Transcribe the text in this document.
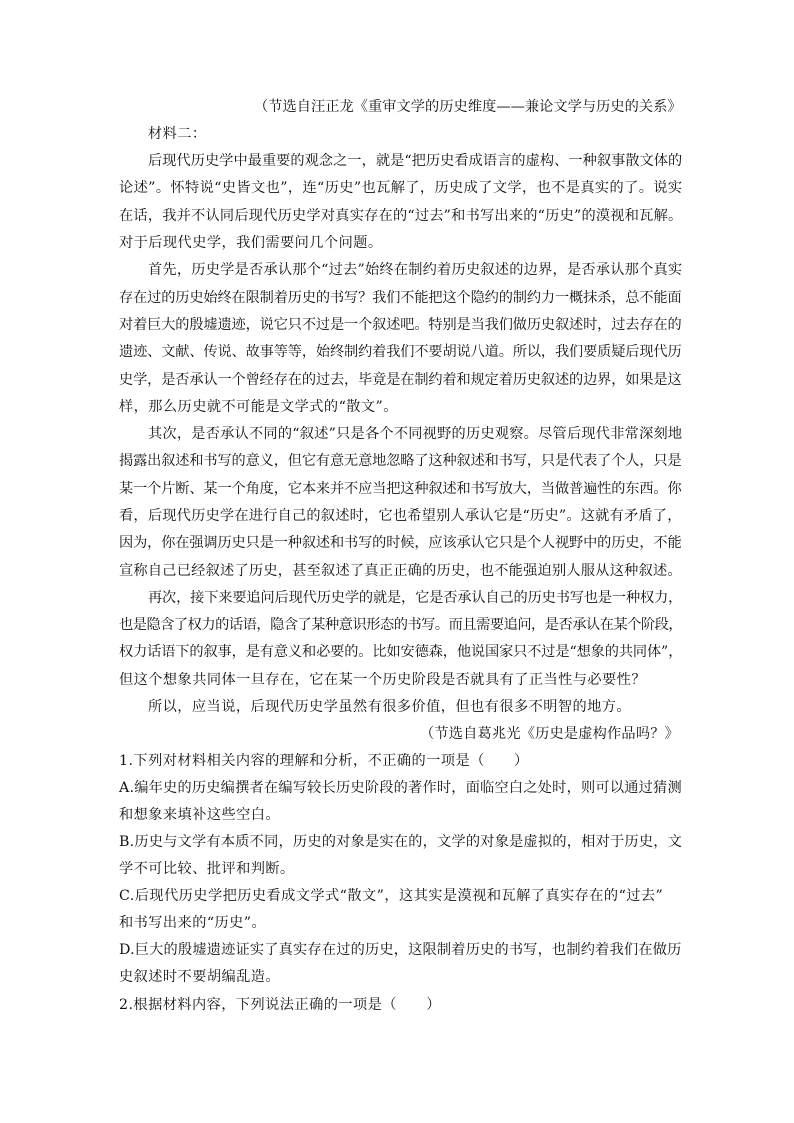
（节选自汪正龙《重审文学的历史维度——兼论文学与历史的关系》
材料二：
后现代历史学中最重要的观念之一，就是“把历史看成语言的虚构、一种叙事散文体的
论述”。怀特说“史皆文也”，连“历史”也瓦解了，历史成了文学，也不是真实的了。说实
在话，我并不认同后现代历史学对真实存在的“过去”和书写出来的“历史”的漠视和瓦解。
对于后现代史学，我们需要问几个问题。
首先，历史学是否承认那个“过去”始终在制约着历史叙述的边界，是否承认那个真实
存在过的历史始终在限制着历史的书写？我们不能把这个隐约的制约力一概抹杀，总不能面
对着巨大的殷墟遗迹，说它只不过是一个叙述吧。特别是当我们做历史叙述时，过去存在的
遗迹、文献、传说、故事等等，始终制约着我们不要胡说八道。所以，我们要质疑后现代历
史学，是否承认一个曾经存在的过去，毕竟是在制约着和规定着历史叙述的边界，如果是这
样，那么历史就不可能是文学式的“散文”。
其次，是否承认不同的“叙述”只是各个不同视野的历史观察。尽管后现代非常深刻地
揭露出叙述和书写的意义，但它有意无意地忽略了这种叙述和书写，只是代表了个人，只是
某一个片断、某一个角度，它本来并不应当把这种叙述和书写放大，当做普遍性的东西。你
看，后现代历史学在进行自己的叙述时，它也希望别人承认它是“历史”。这就有矛盾了，
因为，你在强调历史只是一种叙述和书写的时候，应该承认它只是个人视野中的历史，不能
宣称自己已经叙述了历史，甚至叙述了真正正确的历史，也不能强迫别人服从这种叙述。
再次，接下来要追问后现代历史学的就是，它是否承认自己的历史书写也是一种权力，
也是隐含了权力的话语，隐含了某种意识形态的书写。而且需要追问，是否承认在某个阶段，
权力话语下的叙事，是有意义和必要的。比如安德森，他说国家只不过是“想象的共同体”，
但这个想象共同体一旦存在，它在某一个历史阶段是否就具有了正当性与必要性？
所以，应当说，后现代历史学虽然有很多价值，但也有很多不明智的地方。
（节选自葛兆光《历史是虚构作品吗？》
1.下列对材料相关内容的理解和分析，不正确的一项是（　　）
A.编年史的历史编撰者在编写较长历史阶段的著作时，面临空白之处时，则可以通过猜测
和想象来填补这些空白。
B.历史与文学有本质不同，历史的对象是实在的，文学的对象是虚拟的，相对于历史，文
学不可比较、批评和判断。
C.后现代历史学把历史看成文学式“散文”，这其实是漠视和瓦解了真实存在的“过去”
和书写出来的“历史”。
D.巨大的殷墟遗迹证实了真实存在过的历史，这限制着历史的书写，也制约着我们在做历
史叙述时不要胡编乱造。
2.根据材料内容，下列说法正确的一项是（　　）
